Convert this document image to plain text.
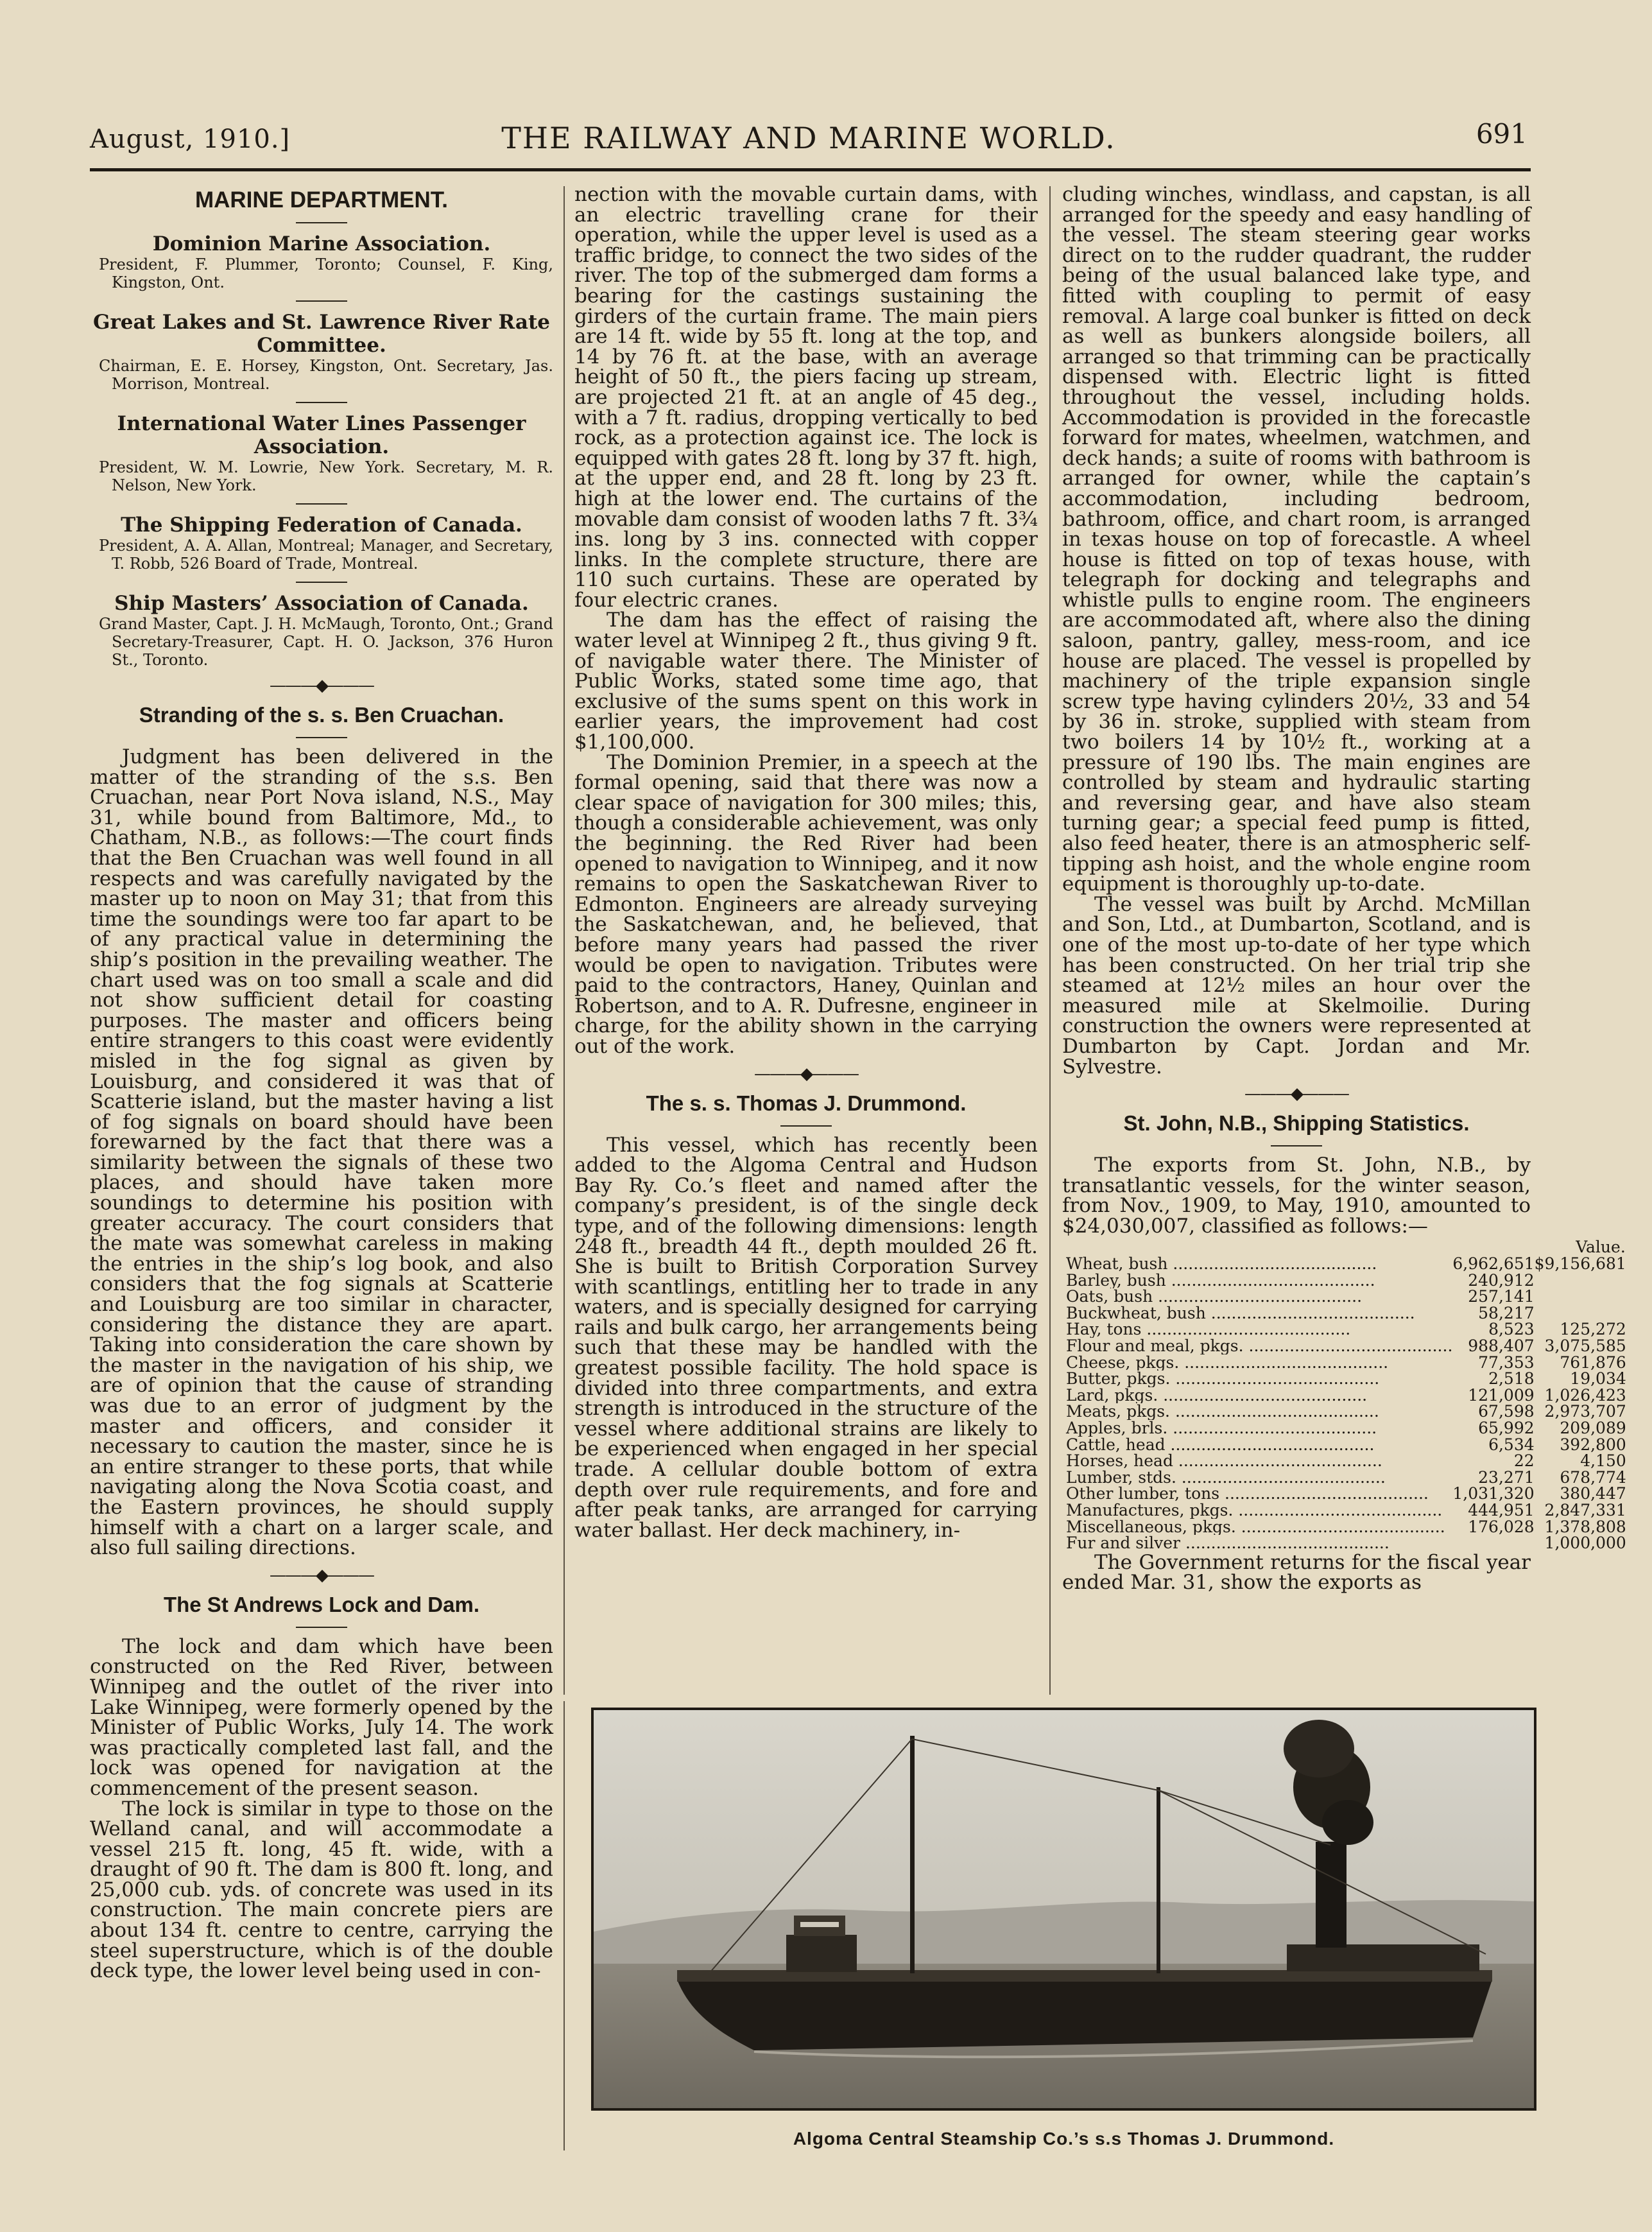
August, 1910.]	THE RAILWAY AND MARINE WORLD.	691
MARINE DEPARTMENT.
Dominion Marine Association.

President, F. Plummer, Toronto; Counsel, F. King, Kingston, Ont.

Great Lakes and St. Lawrence River Rate Committee.

Chairman, E. E. Horsey, Kingston, Ont. Secretary, Jas. Morrison, Montreal.

International Water Lines Passenger Association.

President, W. M. Lowrie, New York. Secretary, M. R. Nelson, New York.

The Shipping Federation of Canada.

President, A. A. Allan, Montreal; Manager, and Secretary, T. Robb, 526 Board of Trade, Montreal.

Ship Masters’ Association of Canada.

Grand Master, Capt. J. H. McMaugh, Toronto, Ont.; Grand Secretary-Treasurer, Capt. H. O. Jackson, 376 Huron St., Toronto.

———◆———
Stranding of the s. s. Ben Cruachan.

Judgment has been delivered in the matter of the stranding of the s.s. Ben Cruachan, near Port Nova island, N.S., May 31, while bound from Baltimore, Md., to Chatham, N.B., as follows:—The court finds that the Ben Cruachan was well found in all respects and was carefully navigated by the master up to noon on May 31; that from this time the soundings were too far apart to be of any practical value in determining the ship’s position in the prevailing weather. The chart used was on too small a scale and did not show sufficient detail for coasting purposes. The master and officers being entire strangers to this coast were evidently misled in the fog signal as given by Louisburg, and considered it was that of Scatterie island, but the master having a list of fog signals on board should have been forewarned by the fact that there was a similarity between the signals of these two places, and should have taken more soundings to determine his position with greater accuracy. The court considers that the mate was somewhat careless in making the entries in the ship’s log book, and also considers that the fog signals at Scatterie and Louisburg are too similar in character, considering the distance they are apart. Taking into consideration the care shown by the master in the navigation of his ship, we are of opinion that the cause of stranding was due to an error of judgment by the master and officers, and consider it necessary to caution the master, since he is an entire stranger to these ports, that while navigating along the Nova Scotia coast, and the Eastern provinces, he should supply himself with a chart on a larger scale, and also full sailing directions.

———◆———
The St Andrews Lock and Dam.

The lock and dam which have been constructed on the Red River, between Winnipeg and the outlet of the river into Lake Winnipeg, were formerly opened by the Minister of Public Works, July 14. The work was practically completed last fall, and the lock was opened for navigation at the commencement of the present season.

The lock is similar in type to those on the Welland canal, and will accommodate a vessel 215 ft. long, 45 ft. wide, with a draught of 90 ft. The dam is 800 ft. long, and 25,000 cub. yds. of concrete was used in its construction. The main concrete piers are about 134 ft. centre to centre, carrying the steel superstructure, which is of the double deck type, the lower level being used in con-

nection with the movable curtain dams, with an electric travelling crane for their operation, while the upper level is used as a traffic bridge, to connect the two sides of the river. The top of the submerged dam forms a bearing for the castings sustaining the girders of the curtain frame. The main piers are 14 ft. wide by 55 ft. long at the top, and 14 by 76 ft. at the base, with an average height of 50 ft., the piers facing up stream, are projected 21 ft. at an angle of 45 deg., with a 7 ft. radius, dropping vertically to bed rock, as a protection against ice. The lock is equipped with gates 28 ft. long by 37 ft. high, at the upper end, and 28 ft. long by 23 ft. high at the lower end. The curtains of the movable dam consist of wooden laths 7 ft. 3¾ ins. long by 3 ins. connected with copper links. In the complete structure, there are 110 such curtains. These are operated by four electric cranes.

The dam has the effect of raising the water level at Winnipeg 2 ft., thus giving 9 ft. of navigable water there. The Minister of Public Works, stated some time ago, that exclusive of the sums spent on this work in earlier years, the improvement had cost $1,100,000.

The Dominion Premier, in a speech at the formal opening, said that there was now a clear space of navigation for 300 miles; this, though a considerable achievement, was only the beginning. the Red River had been opened to navigation to Winnipeg, and it now remains to open the Saskatchewan River to Edmonton. Engineers are already surveying the Saskatchewan, and, he believed, that before many years had passed the river would be open to navigation. Tributes were paid to the contractors, Haney, Quinlan and Robertson, and to A. R. Dufresne, engineer in charge, for the ability shown in the carrying out of the work.

———◆———
The s. s. Thomas J. Drummond.

This vessel, which has recently been added to the Algoma Central and Hudson Bay Ry. Co.’s fleet and named after the company’s president, is of the single deck type, and of the following dimensions: length 248 ft., breadth 44 ft., depth moulded 26 ft. She is built to British Corporation Survey with scantlings, entitling her to trade in any waters, and is specially designed for carrying rails and bulk cargo, her arrangements being such that these may be handled with the greatest possible facility. The hold space is divided into three compartments, and extra strength is introduced in the structure of the vessel where additional strains are likely to be experienced when engaged in her special trade. A cellular double bottom of extra depth over rule requirements, and fore and after peak tanks, are arranged for carrying water ballast. Her deck machinery, in-

cluding winches, windlass, and capstan, is all arranged for the speedy and easy handling of the vessel. The steam steering gear works direct on to the rudder quadrant, the rudder being of the usual balanced lake type, and fitted with coupling to permit of easy removal. A large coal bunker is fitted on deck as well as bunkers alongside boilers, all arranged so that trimming can be practically dispensed with. Electric light is fitted throughout the vessel, including holds. Accommodation is provided in the forecastle forward for mates, wheelmen, watchmen, and deck hands; a suite of rooms with bathroom is arranged for owner, while the captain’s accommodation, including bedroom, bathroom, office, and chart room, is arranged in texas house on top of forecastle. A wheel house is fitted on top of texas house, with telegraph for docking and telegraphs and whistle pulls to engine room. The engineers are accommodated aft, where also the dining saloon, pantry, galley, mess-room, and ice house are placed. The vessel is propelled by machinery of the triple expansion single screw type having cylinders 20½, 33 and 54 by 36 in. stroke, supplied with steam from two boilers 14 by 10½ ft., working at a pressure of 190 lbs. The main engines are controlled by steam and hydraulic starting and reversing gear, and have also steam turning gear; a special feed pump is fitted, also feed heater, there is an atmospheric self-tipping ash hoist, and the whole engine room equipment is thoroughly up-to-date.

The vessel was built by Archd. McMillan and Son, Ltd., at Dumbarton, Scotland, and is one of the most up-to-date of her type which has been constructed. On her trial trip she steamed at 12½ miles an hour over the measured mile at Skelmoilie. During construction the owners were represented at Dumbarton by Capt. Jordan and Mr. Sylvestre.

———◆———
St. John, N.B., Shipping Statistics.

The exports from St. John, N.B., by transatlantic vessels, for the winter season, from Nov., 1909, to May, 1910, amounted to $24,030,007, classified as follows:—

		Value.
Wheat, bush ........................................	6,962,651	$9,156,681
Barley, bush ........................................	240,912	
Oats, bush ........................................	257,141	
Buckwheat, bush ........................................	58,217	
Hay, tons ........................................	8,523	125,272
Flour and meal, pkgs. ........................................	988,407	3,075,585
Cheese, pkgs. ........................................	77,353	761,876
Butter, pkgs. ........................................	2,518	19,034
Lard, pkgs. ........................................	121,009	1,026,423
Meats, pkgs. ........................................	67,598	2,973,707
Apples, brls. ........................................	65,992	209,089
Cattle, head ........................................	6,534	392,800
Horses, head ........................................	22	4,150
Lumber, stds. ........................................	23,271	678,774
Other lumber, tons ........................................	1,031,320	380,447
Manufactures, pkgs. ........................................	444,951	2,847,331
Miscellaneous, pkgs. ........................................	176,028	1,378,808
Fur and silver ........................................		1,000,000

The Government returns for the fiscal year ended Mar. 31, show the exports as

Algoma Central Steamship Co.’s s.s Thomas J. Drummond.
